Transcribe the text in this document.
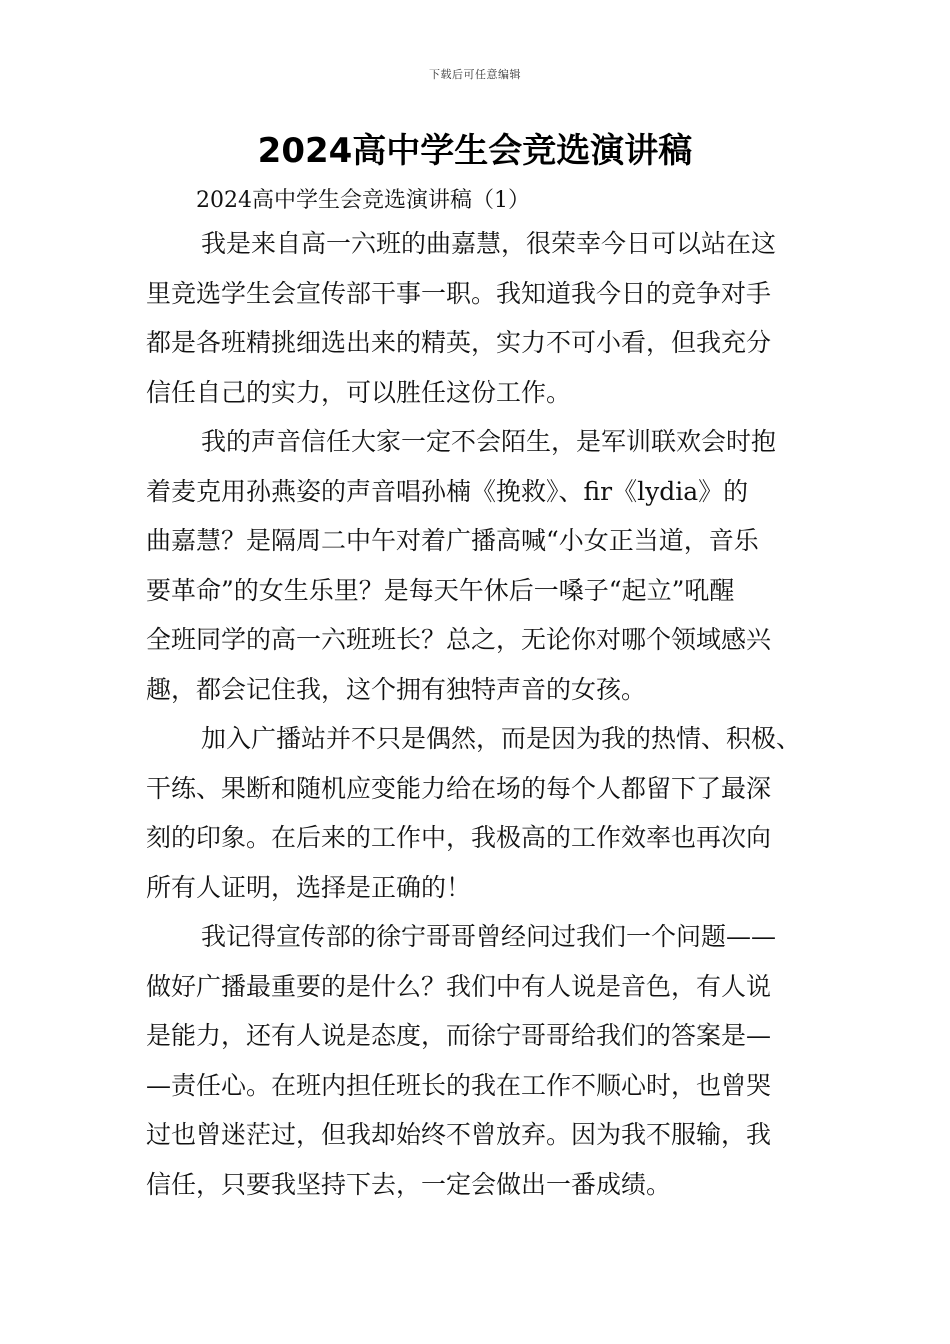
下载后可任意编辑
2024高中学生会竞选演讲稿
2024高中学生会竞选演讲稿（1）
我是来自高一六班的曲嘉慧，很荣幸今日可以站在这
里竞选学生会宣传部干事一职。我知道我今日的竞争对手
都是各班精挑细选出来的精英，实力不可小看，但我充分
信任自己的实力，可以胜任这份工作。
我的声音信任大家一定不会陌生，是军训联欢会时抱
着麦克用孙燕姿的声音唱孙楠《挽救》、fir《lydia》的
曲嘉慧？是隔周二中午对着广播高喊“小女正当道，音乐
要革命”的女生乐里？是每天午休后一嗓子“起立”吼醒
全班同学的高一六班班长？总之，无论你对哪个领域感兴
趣，都会记住我，这个拥有独特声音的女孩。
加入广播站并不只是偶然，而是因为我的热情、积极、
干练、果断和随机应变能力给在场的每个人都留下了最深
刻的印象。在后来的工作中，我极高的工作效率也再次向
所有人证明，选择是正确的！
我记得宣传部的徐宁哥哥曾经问过我们一个问题——
做好广播最重要的是什么？我们中有人说是音色，有人说
是能力，还有人说是态度，而徐宁哥哥给我们的答案是—
—责任心。在班内担任班长的我在工作不顺心时，也曾哭
过也曾迷茫过，但我却始终不曾放弃。因为我不服输，我
信任，只要我坚持下去，一定会做出一番成绩。
